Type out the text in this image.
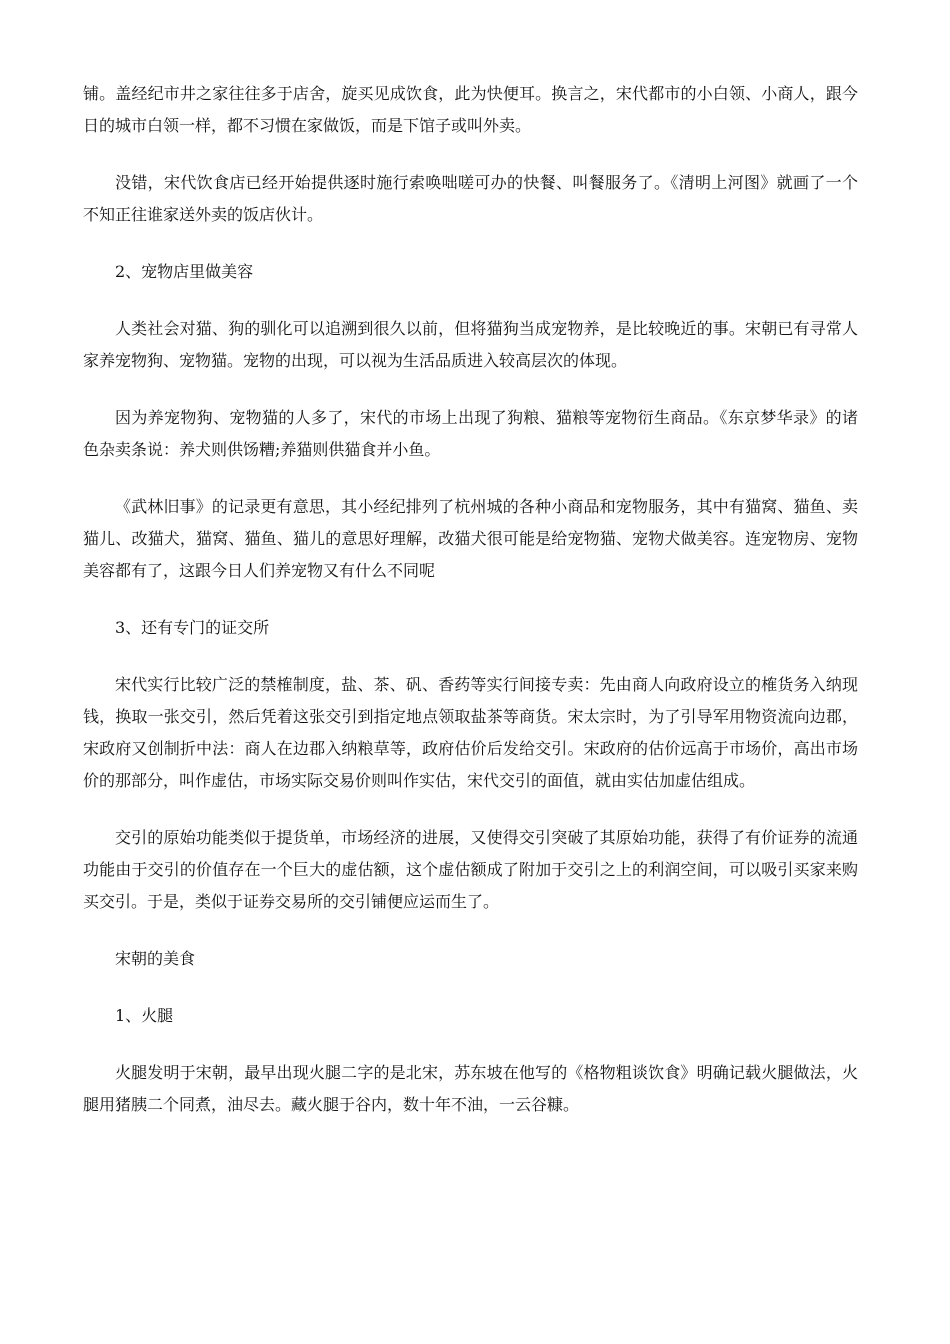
铺。盖经纪市井之家往往多于店舍，旋买见成饮食，此为快便耳。换言之，宋代都市的小白领、小商人，跟今日的城市白领一样，都不习惯在家做饭，而是下馆子或叫外卖。

没错，宋代饮食店已经开始提供逐时施行索唤咄嗟可办的快餐、叫餐服务了。《清明上河图》就画了一个不知正往谁家送外卖的饭店伙计。

2、宠物店里做美容

人类社会对猫、狗的驯化可以追溯到很久以前，但将猫狗当成宠物养，是比较晚近的事。宋朝已有寻常人家养宠物狗、宠物猫。宠物的出现，可以视为生活品质进入较高层次的体现。

因为养宠物狗、宠物猫的人多了，宋代的市场上出现了狗粮、猫粮等宠物衍生商品。《东京梦华录》的诸色杂卖条说：养犬则供饧糟;养猫则供猫食并小鱼。

《武林旧事》的记录更有意思，其小经纪排列了杭州城的各种小商品和宠物服务，其中有猫窝、猫鱼、卖猫儿、改猫犬，猫窝、猫鱼、猫儿的意思好理解，改猫犬很可能是给宠物猫、宠物犬做美容。连宠物房、宠物美容都有了，这跟今日人们养宠物又有什么不同呢

3、还有专门的证交所

宋代实行比较广泛的禁榷制度，盐、茶、矾、香药等实行间接专卖：先由商人向政府设立的榷货务入纳现钱，换取一张交引，然后凭着这张交引到指定地点领取盐茶等商货。宋太宗时，为了引导军用物资流向边郡，宋政府又创制折中法：商人在边郡入纳粮草等，政府估价后发给交引。宋政府的估价远高于市场价，高出市场价的那部分，叫作虚估，市场实际交易价则叫作实估，宋代交引的面值，就由实估加虚估组成。

交引的原始功能类似于提货单，市场经济的进展，又使得交引突破了其原始功能，获得了有价证券的流通功能由于交引的价值存在一个巨大的虚估额，这个虚估额成了附加于交引之上的利润空间，可以吸引买家来购买交引。于是，类似于证券交易所的交引铺便应运而生了。

宋朝的美食

1、火腿

火腿发明于宋朝，最早出现火腿二字的是北宋，苏东坡在他写的《格物粗谈饮食》明确记载火腿做法，火腿用猪胰二个同煮，油尽去。藏火腿于谷内，数十年不油，一云谷糠。
